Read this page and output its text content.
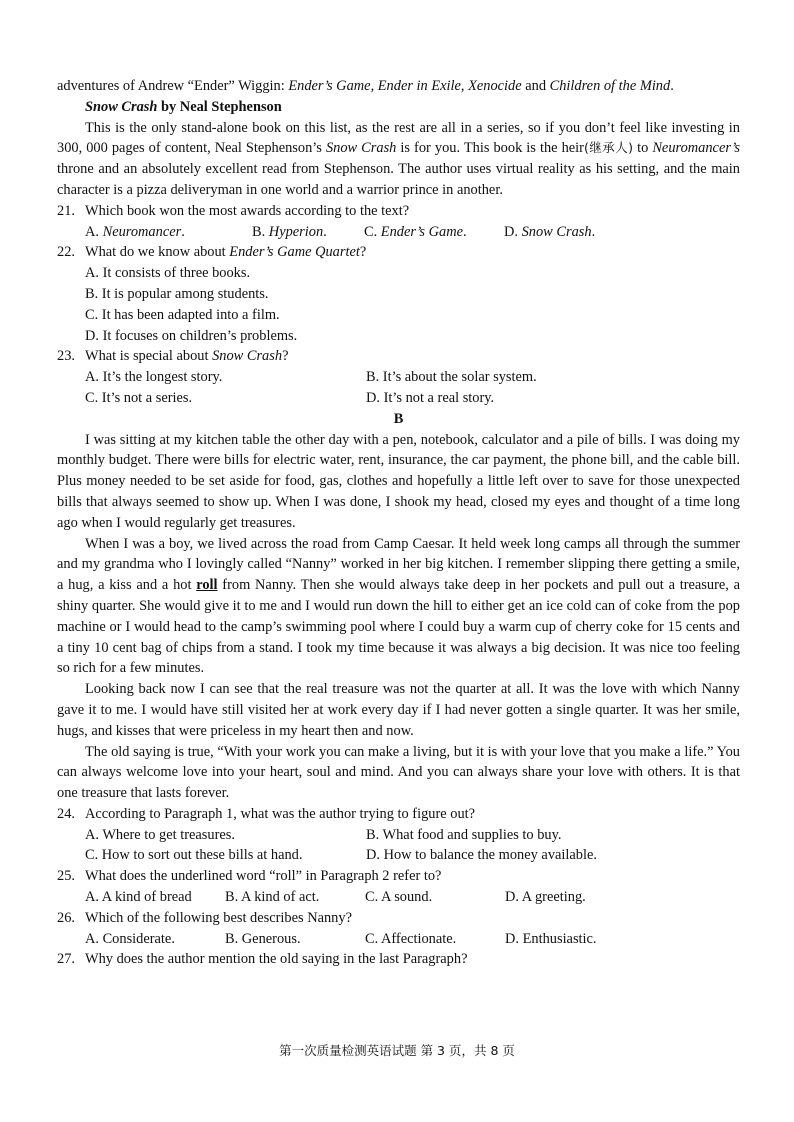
adventures of Andrew “Ender” Wiggin: Ender’s Game, Ender in Exile, Xenocide and Children of the Mind.

Snow Crash by Neal Stephenson

This is the only stand-alone book on this list, as the rest are all in a series, so if you don’t feel like investing in 300, 000 pages of content, Neal Stephenson’s Snow Crash is for you. This book is the heir(继承人) to Neuromancer’s throne and an absolutely excellent read from Stephenson. The author uses virtual reality as his setting, and the main character is a pizza deliveryman in one world and a warrior prince in another.

21. Which book won the most awards according to the text?
A. Neuromancer.	B. Hyperion.	C. Ender’s Game.	D. Snow Crash.
22. What do we know about Ender’s Game Quartet?
A. It consists of three books.
B. It is popular among students.
C. It has been adapted into a film.
D. It focuses on children’s problems.
23. What is special about Snow Crash?
A. It’s the longest story.	B. It’s about the solar system.
C. It’s not a series.	D. It’s not a real story.
B

I was sitting at my kitchen table the other day with a pen, notebook, calculator and a pile of bills. I was doing my monthly budget. There were bills for electric water, rent, insurance, the car payment, the phone bill, and the cable bill. Plus money needed to be set aside for food, gas, clothes and hopefully a little left over to save for those unexpected bills that always seemed to show up. When I was done, I shook my head, closed my eyes and thought of a time long ago when I would regularly get treasures.

When I was a boy, we lived across the road from Camp Caesar. It held week long camps all through the summer and my grandma who I lovingly called “Nanny” worked in her big kitchen. I remember slipping there getting a smile, a hug, a kiss and a hot roll from Nanny. Then she would always take deep in her pockets and pull out a treasure, a shiny quarter. She would give it to me and I would run down the hill to either get an ice cold can of coke from the pop machine or I would head to the camp’s swimming pool where I could buy a warm cup of cherry coke for 15 cents and a tiny 10 cent bag of chips from a stand. I took my time because it was always a big decision. It was nice too feeling so rich for a few minutes.

Looking back now I can see that the real treasure was not the quarter at all. It was the love with which Nanny gave it to me. I would have still visited her at work every day if I had never gotten a single quarter. It was her smile, hugs, and kisses that were priceless in my heart then and now.

The old saying is true, “With your work you can make a living, but it is with your love that you make a life.” You can always welcome love into your heart, soul and mind. And you can always share your love with others. It is that one treasure that lasts forever.

24. According to Paragraph 1, what was the author trying to figure out?
A. Where to get treasures.	B. What food and supplies to buy.
C. How to sort out these bills at hand.	D. How to balance the money available.
25. What does the underlined word “roll” in Paragraph 2 refer to?
A. A kind of bread	B. A kind of act.	C. A sound.	D. A greeting.
26. Which of the following best describes Nanny?
A. Considerate.	B. Generous.	C. Affectionate.	D. Enthusiastic.
27. Why does the author mention the old saying in the last Paragraph?
第一次质量检测英语试题 第 3 页，共 8 页
